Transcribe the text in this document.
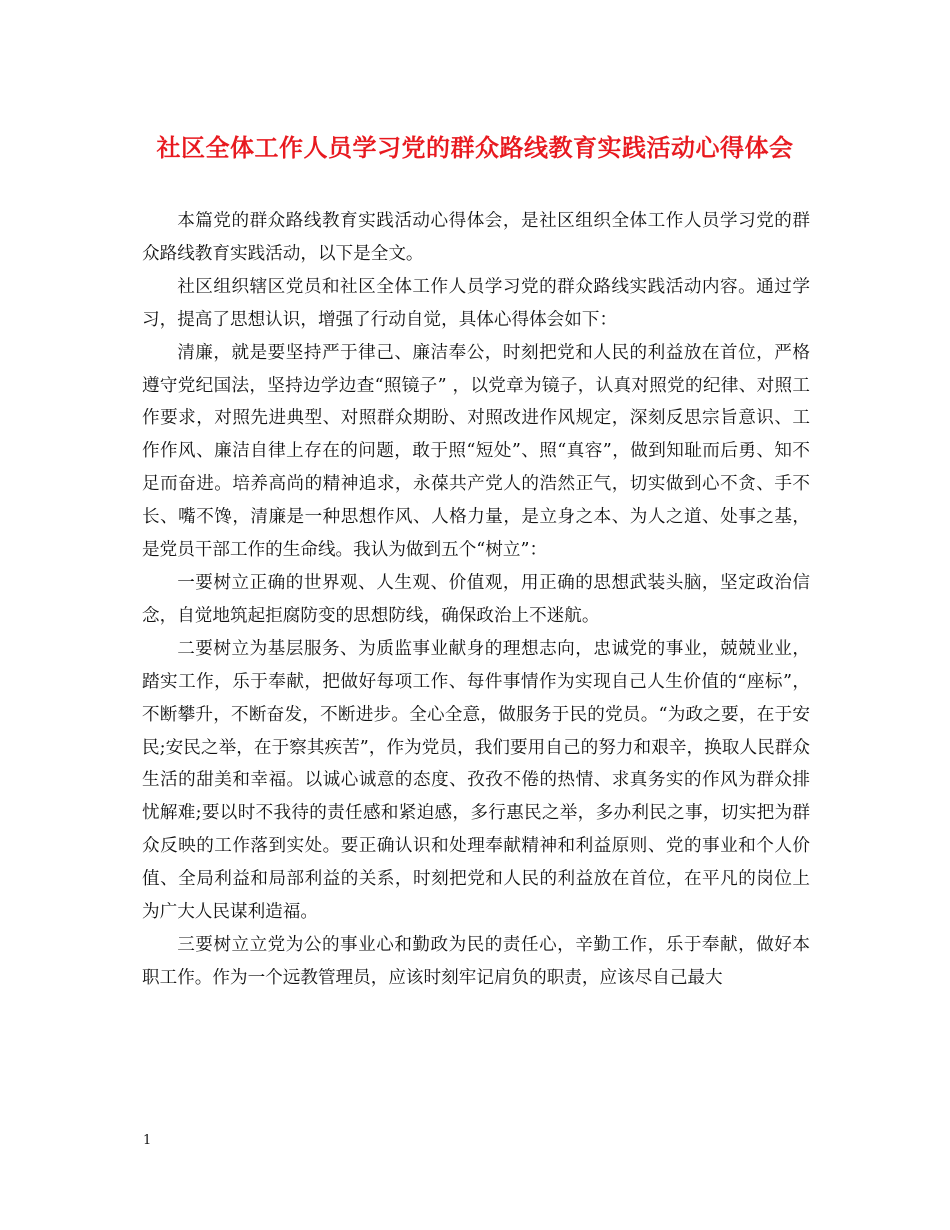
社区全体工作人员学习党的群众路线教育实践活动心得体会

本篇党的群众路线教育实践活动心得体会，是社区组织全体工作人员学习党的群众路线教育实践活动，以下是全文。

社区组织辖区党员和社区全体工作人员学习党的群众路线实践活动内容。通过学习，提高了思想认识，增强了行动自觉，具体心得体会如下：

清廉，就是要坚持严于律己、廉洁奉公，时刻把党和人民的利益放在首位，严格遵守党纪国法，坚持边学边查“照镜子” ，以党章为镜子，认真对照党的纪律、对照工作要求，对照先进典型、对照群众期盼、对照改进作风规定，深刻反思宗旨意识、工作作风、廉洁自律上存在的问题，敢于照“短处”、照“真容”，做到知耻而后勇、知不足而奋进。培养高尚的精神追求，永葆共产党人的浩然正气，切实做到心不贪、手不长、嘴不馋，清廉是一种思想作风、人格力量，是立身之本、为人之道、处事之基，是党员干部工作的生命线。我认为做到五个“树立”：

一要树立正确的世界观、人生观、价值观，用正确的思想武装头脑，坚定政治信念，自觉地筑起拒腐防变的思想防线，确保政治上不迷航。

二要树立为基层服务、为质监事业献身的理想志向，忠诚党的事业，兢兢业业，踏实工作，乐于奉献，把做好每项工作、每件事情作为实现自己人生价值的“座标”，不断攀升，不断奋发，不断进步。全心全意，做服务于民的党员。“为政之要，在于安民;安民之举，在于察其疾苦”，作为党员，我们要用自己的努力和艰辛，换取人民群众生活的甜美和幸福。以诚心诚意的态度、孜孜不倦的热情、求真务实的作风为群众排忧解难;要以时不我待的责任感和紧迫感，多行惠民之举，多办利民之事，切实把为群众反映的工作落到实处。要正确认识和处理奉献精神和利益原则、党的事业和个人价值、全局利益和局部利益的关系，时刻把党和人民的利益放在首位，在平凡的岗位上为广大人民谋利造福。

三要树立立党为公的事业心和勤政为民的责任心，辛勤工作，乐于奉献，做好本职工作。作为一个远教管理员，应该时刻牢记肩负的职责，应该尽自己最大

1
